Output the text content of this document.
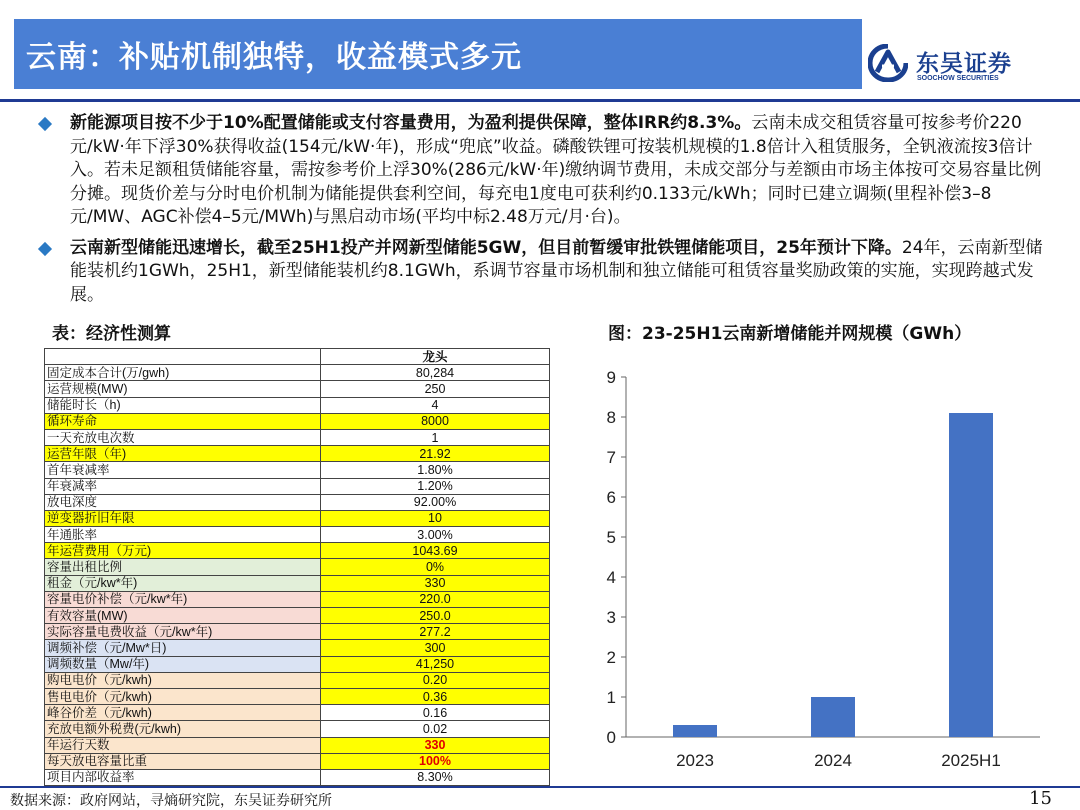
云南：补贴机制独特，收益模式多元	东吴证券
SOOCHOW SECURITIES
新能源项目按不少于10%配置储能或支付容量费用，为盈利提供保障，整体IRR约8.3%。云南未成交租赁容量可按参考价220元/kW·年下浮30%获得收益(154元/kW·年)，形成“兜底”收益。磷酸铁锂可按装机规模的1.8倍计入租赁服务，全钒液流按3倍计入。若未足额租赁储能容量，需按参考价上浮30%(286元/kW·年)缴纳调节费用，未成交部分与差额由市场主体按可交易容量比例分摊。现货价差与分时电价机制为储能提供套利空间，每充电1度电可获利约0.133元/kWh；同时已建立调频(里程补偿3–8元/MW、AGC补偿4–5元/MWh)与黑启动市场(平均中标2.48万元/月·台)。
云南新型储能迅速增长，截至25H1投产并网新型储能5GW，但目前暂缓审批铁锂储能项目，25年预计下降。24年，云南新型储能装机约1GWh，25H1，新型储能装机约8.1GWh，系调节容量市场机制和独立储能可租赁容量奖励政策的实施，实现跨越式发展。
表：经济性测算
	龙头
固定成本合计(万/gwh)	80,284
运营规模(MW)	250
储能时长（h)	4
循环寿命	8000
一天充放电次数	1
运营年限（年)	21.92
首年衰减率	1.80%
年衰减率	1.20%
放电深度	92.00%
逆变器折旧年限	10
年通胀率	3.00%
年运营费用（万元)	1043.69
容量出租比例	0%
租金（元/kw*年)	330
容量电价补偿（元/kw*年)	220.0
有效容量(MW)	250.0
实际容量电费收益（元/kw*年)	277.2
调频补偿（元/Mw*日)	300
调频数量（Mw/年)	41,250
购电电价（元/kwh)	0.20
售电电价（元/kwh)	0.36
峰谷价差（元/kwh)	0.16
充放电额外税费(元/kwh)	0.02
年运行天数	330
每天放电容量比重	100%
项目内部收益率	8.30%
图：23-25H1云南新增储能并网规模（GWh）
0
1
2
3
4
5
6
7
8
9
2023	2024	2025H1
数据来源：政府网站，寻熵研究院，东吴证券研究所	15
